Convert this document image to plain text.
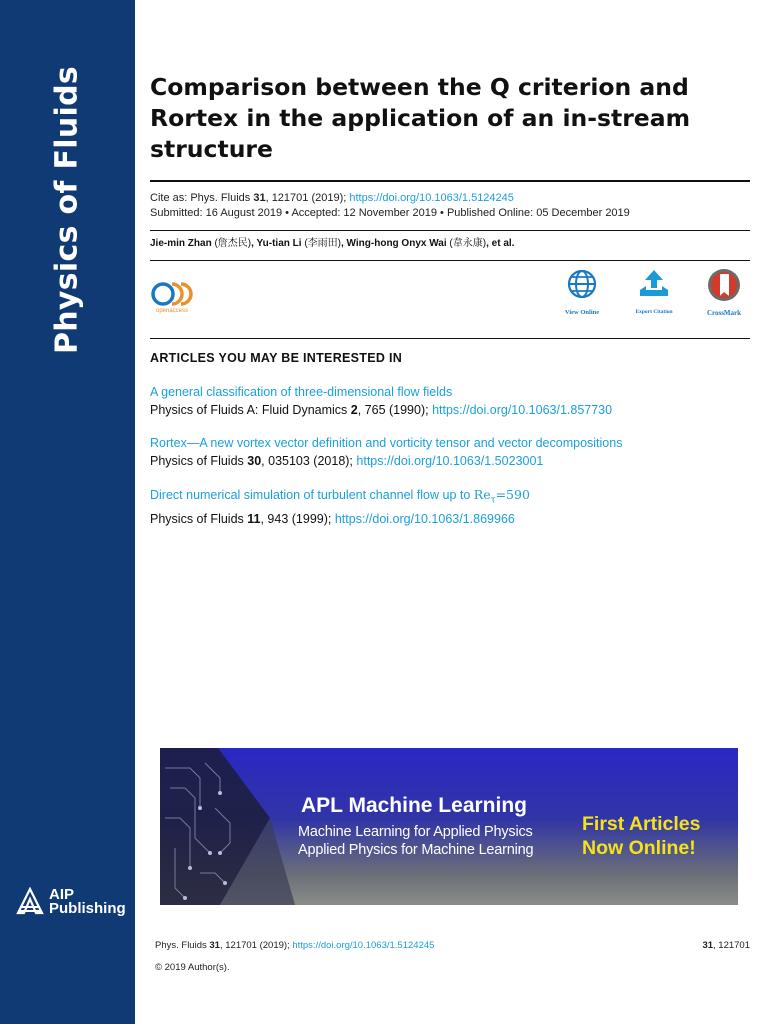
Physics of Fluids
AIP
Publishing
Comparison between the Q criterion and Rortex in the application of an in-stream structure
Cite as: Phys. Fluids 31, 121701 (2019); https://doi.org/10.1063/1.5124245
Submitted: 16 August 2019 • Accepted: 12 November 2019 • Published Online: 05 December 2019
Jie-min Zhan (詹杰民), Yu-tian Li (李雨田), Wing-hong Onyx Wai (韋永康), et al.
openaccess	View Online	Export Citation	CrossMark
ARTICLES YOU MAY BE INTERESTED IN
A general classification of three-dimensional flow fields
Physics of Fluids A: Fluid Dynamics 2, 765 (1990); https://doi.org/10.1063/1.857730
Rortex—A new vortex vector definition and vorticity tensor and vector decompositions
Physics of Fluids 30, 035103 (2018); https://doi.org/10.1063/1.5023001
Direct numerical simulation of turbulent channel flow up to $Re_\tau=590$
Physics of Fluids 11, 943 (1999); https://doi.org/10.1063/1.869966
APL Machine Learning
Machine Learning for Applied Physics
Applied Physics for Machine Learning
First Articles
Now Online!
Phys. Fluids 31, 121701 (2019); https://doi.org/10.1063/1.5124245	31, 121701
© 2019 Author(s).
